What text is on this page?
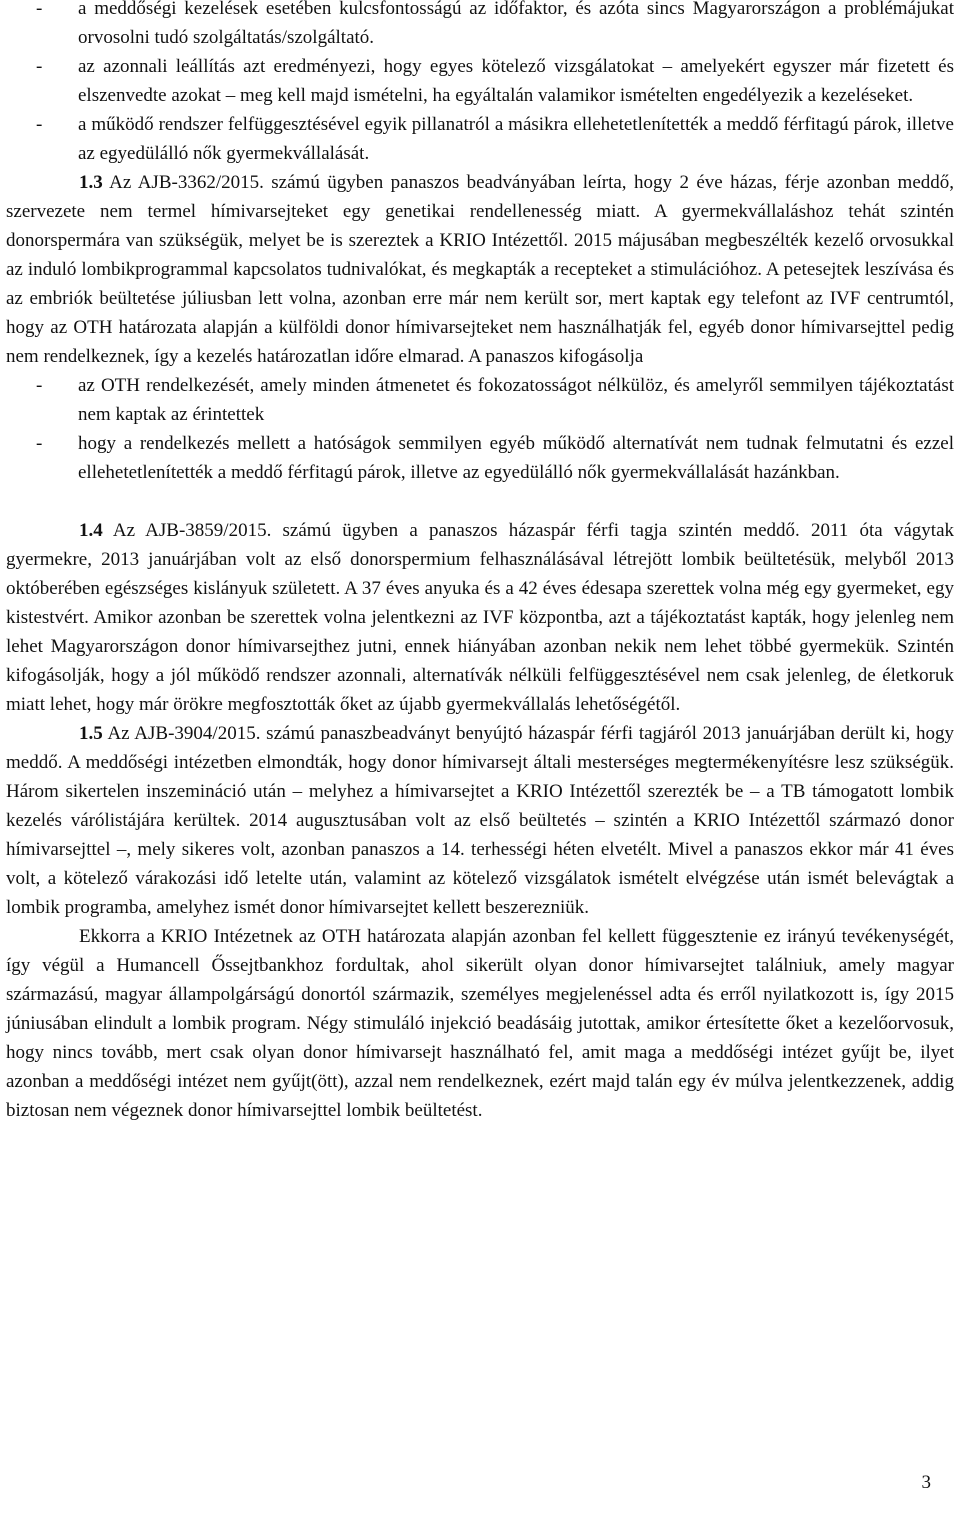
- a meddőségi kezelések esetében kulcsfontosságú az időfaktor, és azóta sincs Magyarországon a problémájukat orvosolni tudó szolgáltatás/szolgáltató.
- az azonnali leállítás azt eredményezi, hogy egyes kötelező vizsgálatokat – amelyekért egyszer már fizetett és elszenvedte azokat – meg kell majd ismételni, ha egyáltalán valamikor ismételten engedélyezik a kezeléseket.
- a működő rendszer felfüggesztésével egyik pillanatról a másikra ellehetetlenítették a meddő férfitagú párok, illetve az egyedülálló nők gyermekvállalását.

1.3 Az AJB-3362/2015. számú ügyben panaszos beadványában leírta, hogy 2 éve házas, férje azonban meddő, szervezete nem termel hímivarsejteket egy genetikai rendellenesség miatt. A gyermekvállaláshoz tehát szintén donorspermára van szükségük, melyet be is szereztek a KRIO Intézettől. 2015 májusában megbeszélték kezelő orvosukkal az induló lombikprogrammal kapcsolatos tudnivalókat, és megkapták a recepteket a stimulációhoz. A petesejtek leszívása és az embriók beültetése júliusban lett volna, azonban erre már nem került sor, mert kaptak egy telefont az IVF centrumtól, hogy az OTH határozata alapján a külföldi donor hímivarsejteket nem használhatják fel, egyéb donor hímivarsejttel pedig nem rendelkeznek, így a kezelés határozatlan időre elmarad. A panaszos kifogásolja

- az OTH rendelkezését, amely minden átmenetet és fokozatosságot nélkülöz, és amelyről semmilyen tájékoztatást nem kaptak az érintettek
- hogy a rendelkezés mellett a hatóságok semmilyen egyéb működő alternatívát nem tudnak felmutatni és ezzel ellehetetlenítették a meddő férfitagú párok, illetve az egyedülálló nők gyermekvállalását hazánkban.

1.4 Az AJB-3859/2015. számú ügyben a panaszos házaspár férfi tagja szintén meddő. 2011 óta vágytak gyermekre, 2013 januárjában volt az első donorspermium felhasználásával létrejött lombik beültetésük, melyből 2013 októberében egészséges kislányuk született. A 37 éves anyuka és a 42 éves édesapa szerettek volna még egy gyermeket, egy kistestvért. Amikor azonban be szerettek volna jelentkezni az IVF központba, azt a tájékoztatást kapták, hogy jelenleg nem lehet Magyarországon donor hímivarsejthez jutni, ennek hiányában azonban nekik nem lehet többé gyermekük. Szintén kifogásolják, hogy a jól működő rendszer azonnali, alternatívák nélküli felfüggesztésével nem csak jelenleg, de életkoruk miatt lehet, hogy már örökre megfosztották őket az újabb gyermekvállalás lehetőségétől.

1.5 Az AJB-3904/2015. számú panaszbeadványt benyújtó házaspár férfi tagjáról 2013 januárjában derült ki, hogy meddő. A meddőségi intézetben elmondták, hogy donor hímivarsejt általi mesterséges megtermékenyítésre lesz szükségük. Három sikertelen inszemináció után – melyhez a hímivarsejtet a KRIO Intézettől szerezték be – a TB támogatott lombik kezelés várólistájára kerültek. 2014 augusztusában volt az első beültetés – szintén a KRIO Intézettől származó donor hímivarsejttel –, mely sikeres volt, azonban panaszos a 14. terhességi héten elvetélt. Mivel a panaszos ekkor már 41 éves volt, a kötelező várakozási idő letelte után, valamint az kötelező vizsgálatok ismételt elvégzése után ismét belevágtak a lombik programba, amelyhez ismét donor hímivarsejtet kellett beszerezniük.

Ekkorra a KRIO Intézetnek az OTH határozata alapján azonban fel kellett függesztenie ez irányú tevékenységét, így végül a Humancell Őssejtbankhoz fordultak, ahol sikerült olyan donor hímivarsejtet találniuk, amely magyar származású, magyar állampolgárságú donortól származik, személyes megjelenéssel adta és erről nyilatkozott is, így 2015 júniusában elindult a lombik program. Négy stimuláló injekció beadásáig jutottak, amikor értesítette őket a kezelőorvosuk, hogy nincs tovább, mert csak olyan donor hímivarsejt használható fel, amit maga a meddőségi intézet gyűjt be, ilyet azonban a meddőségi intézet nem gyűjt(ött), azzal nem rendelkeznek, ezért majd talán egy év múlva jelentkezzenek, addig biztosan nem végeznek donor hímivarsejttel lombik beültetést.

3
